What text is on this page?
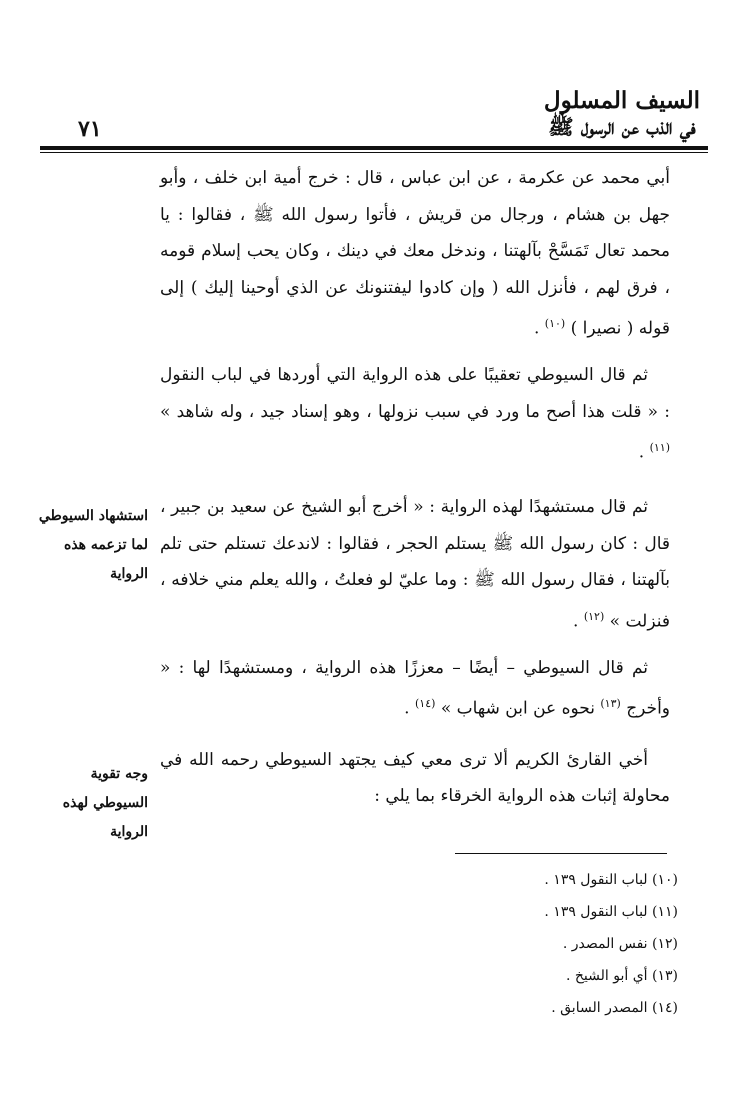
٧١
السيف المسلول
في الذب عن الرسول ﷺ

أبي محمد عن عكرمة ، عن ابن عباس ، قال : خرج أمية ابن خلف ، وأبو جهل بن هشام ، ورجال من قريش ، فأتوا رسول الله ﷺ ، فقالوا : يا محمد تعال تَمَسَّحْ بآلهتنا ، وندخل معك في دينك ، وكان يحب إسلام قومه ، فرق لهم ، فأنزل الله ( وإن كادوا ليفتنونك عن الذي أوحينا إليك ) إلى قوله ( نصيرا ) $^{(١٠)}$ .

ثم قال السيوطي تعقيبًا على هذه الرواية التي أوردها في لباب النقول : « قلت هذا أصح ما ورد في سبب نزولها ، وهو إسناد جيد ، وله شاهد » $^{(١١)}$ .

ثم قال مستشهدًا لهذه الرواية : « أخرج أبو الشيخ عن سعيد بن جبير ، قال : كان رسول الله ﷺ يستلم الحجر ، فقالوا : لاندعك تستلم حتى تلم بآلهتنا ، فقال رسول الله ﷺ : وما عليّ لو فعلتُ ، والله يعلم مني خلافه ، فنزلت » $^{(١٢)}$ .

ثم قال السيوطي – أيضًا – معززًا هذه الرواية ، ومستشهدًا لها : « وأخرج $^{(١٣)}$ نحوه عن ابن شهاب » $^{(١٤)}$ .

أخي القارئ الكريم ألا ترى معي كيف يجتهد السيوطي رحمه الله في محاولة إثبات هذه الرواية الخرقاء بما يلي :

استشهاد السيوطي لما تزعمه هذه الرواية
وجه تقوية السيوطي لهذه الرواية
(١٠) لباب النقول ١٣٩ .
(١١) لباب النقول ١٣٩ .
(١٢) نفس المصدر .
(١٣) أي أبو الشيخ .
(١٤) المصدر السابق .
